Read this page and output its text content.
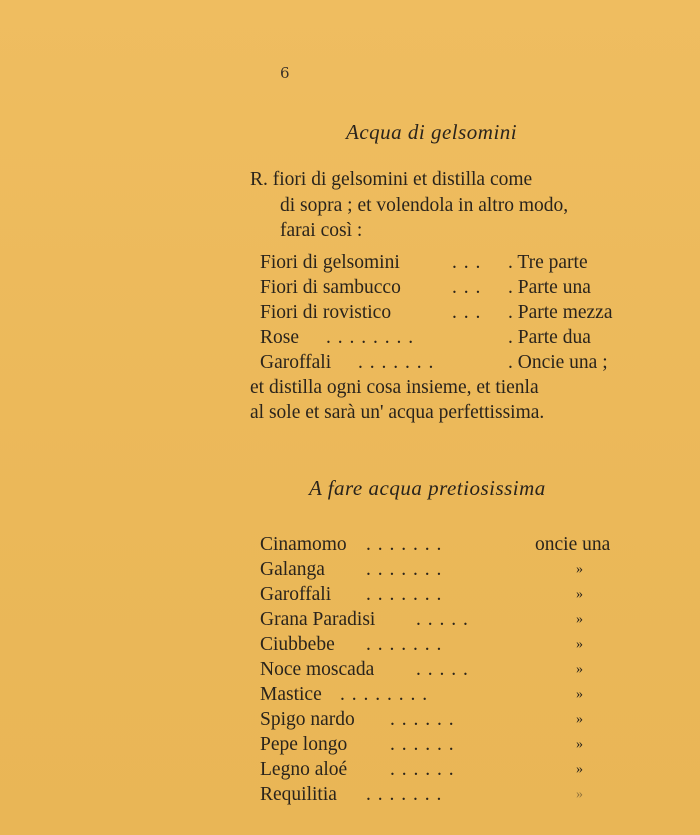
6
Acqua di gelsomini
R. fiori di gelsomini et distilla come
di sopra ; et volendola in altro modo,
farai così :
Fiori di gelsomini	. . . . Tre parte
Fiori di sambucco	. . . . Parte una
Fiori di rovistico	. . . . Parte mezza
Rose . . . . . . . .	. Parte dua
Garoffali . . . . . . .	. Oncie una ;
et distilla ogni cosa insieme, et tienla
al sole et sarà un' acqua perfettissima.
A fare acqua pretiosissima
Cinamomo . . . . . . .	oncie una
Galanga . . . . . . .	»
Garoffali . . . . . . .	»
Grana Paradisi . . . . .	»
Ciubbebe . . . . . . .	»
Noce moscada . . . . .	»
Mastice . . . . . . . .	»
Spigo nardo . . . . . .	»
Pepe longo . . . . . .	»
Legno aloé . . . . . .	»
Requilitia . . . . . . .	»
